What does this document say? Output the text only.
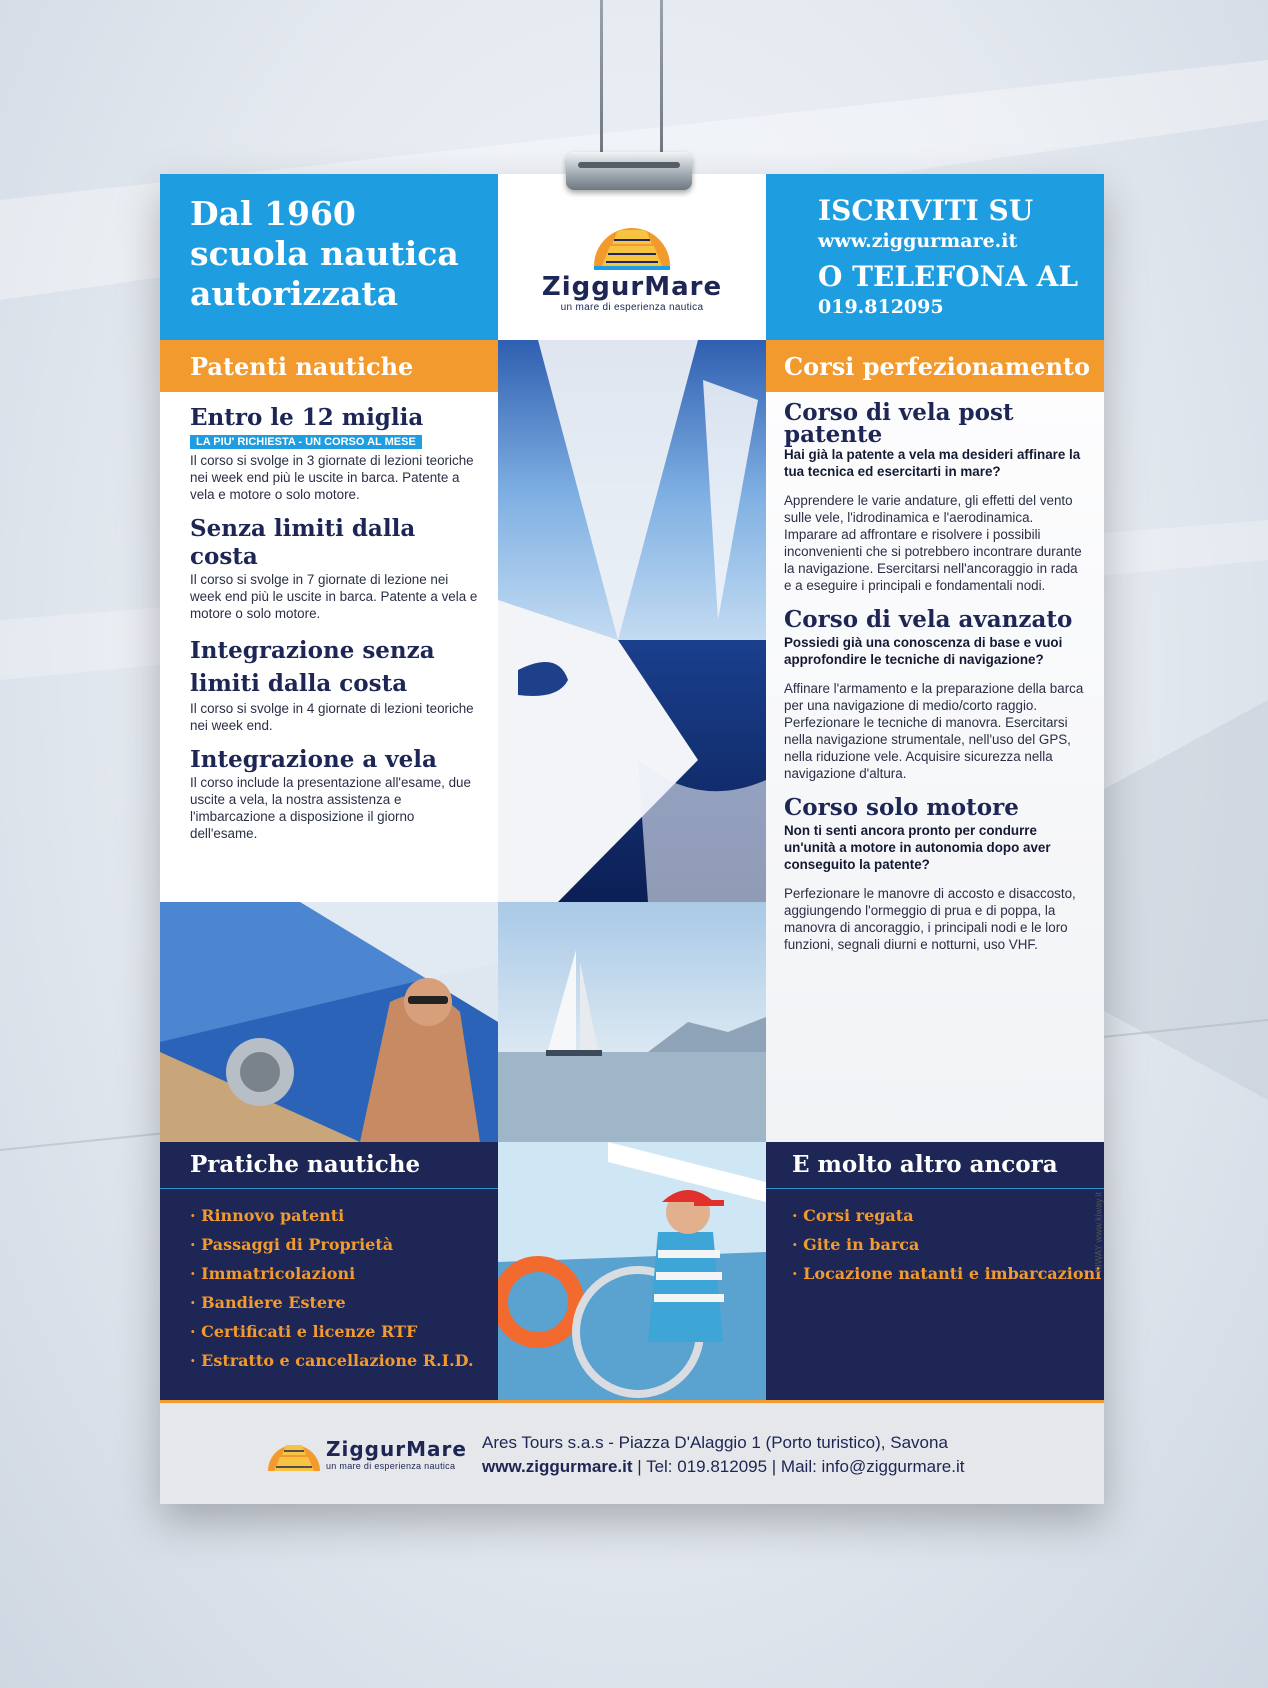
Dal 1960
scuola nautica
autorizzata	ZiggurMare
un mare di esperienza nautica
ISCRIVITI SU
www.ziggurmare.it
O TELEFONA AL
019.812095
Patenti nautiche	Corsi perfezionamento
Entro le 12 miglia
LA PIU' RICHIESTA - UN CORSO AL MESE

Il corso si svolge in 3 giornate di lezioni teoriche nei week end più le uscite in barca. Patente a vela e motore o solo motore.

Senza limiti dalla costa

Il corso si svolge in 7 giornate di lezione nei week end più le uscite in barca. Patente a vela e motore o solo motore.

Integrazione senza limiti dalla costa

Il corso si svolge in 4 giornate di lezioni teoriche nei week end.

Integrazione a vela

Il corso include la presentazione all'esame, due uscite a vela, la nostra assistenza e l'imbarcazione a disposizione il giorno dell'esame.

Corso di vela post patente

Hai già la patente a vela ma desideri affinare la tua tecnica ed esercitarti in mare?

Apprendere le varie andature, gli effetti del vento sulle vele, l'idrodinamica e l'aerodinamica. Imparare ad affrontare e risolvere i possibili inconvenienti che si potrebbero incontrare durante la navigazione. Esercitarsi nell'ancoraggio in rada e a eseguire i principali e fondamentali nodi.

Corso di vela avanzato

Possiedi già una conoscenza di base e vuoi approfondire le tecniche di navigazione?

Affinare l'armamento e la preparazione della barca per una navigazione di medio/corto raggio. Perfezionare le tecniche di manovra. Esercitarsi nella navigazione strumentale, nell'uso del GPS, nella riduzione vele. Acquisire sicurezza nella navigazione d'altura.

Corso solo motore

Non ti senti ancora pronto per condurre un'unità a motore in autonomia dopo aver conseguito la patente?

Perfezionare le manovre di accosto e disaccosto, aggiungendo l'ormeggio di prua e di poppa, la manovra di ancoraggio, i principali nodi e le loro funzioni, segnali diurni e notturni, uso VHF.

Pratiche nautiche
· Rinnovo patenti
· Passaggi di Proprietà
· Immatricolazioni
· Bandiere Estere
· Certificati e licenze RTF
· Estratto e cancellazione R.I.D.
E molto altro ancora
· Corsi regata
· Gite in barca
· Locazione natanti e imbarcazioni
KIWAY www.kiway.it
ZiggurMare
un mare di esperienza nautica
Ares Tours s.a.s - Piazza D'Alaggio 1 (Porto turistico), Savona
www.ziggurmare.it | Tel: 019.812095 | Mail: info@ziggurmare.it
